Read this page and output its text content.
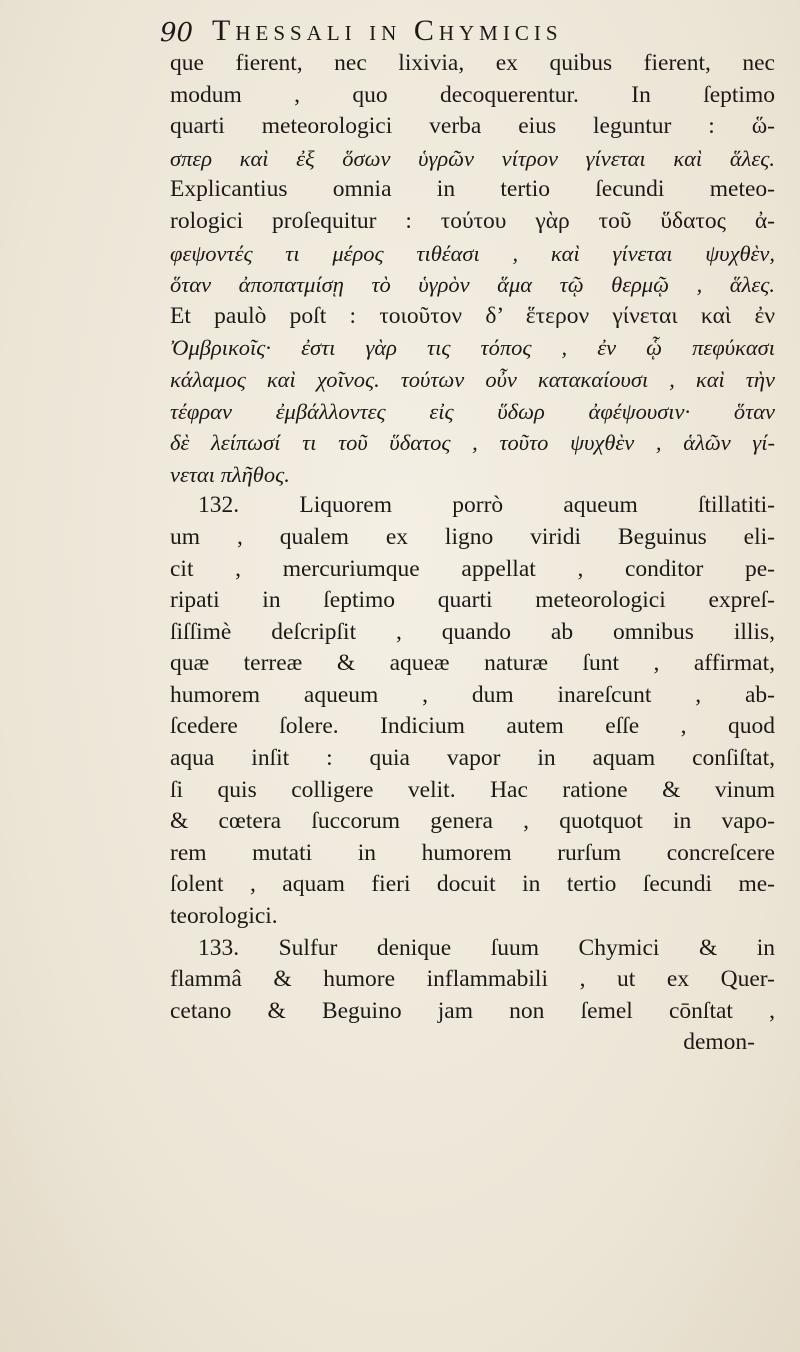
90 Thessali in Chymicis
que fierent, nec lixivia, ex quibus fierent, nec
modum , quo decoquerentur. In ſeptimo
quarti meteorologici verba eius leguntur : ὥ-
σπερ καὶ ἐξ ὅσων ὑγρῶν νίτρον γίνεται καὶ ἅλες.
Explicantius omnia in tertio ſecundi meteo-
rologici proſequitur : τούτου γὰρ τοῦ ὕδατος ἀ-
φεψοντές τι μέρος τιθέασι , καὶ γίνεται ψυχθὲν,
ὅταν ἀποπατμίσῃ τὸ ὑγρὸν ἅμα τῷ θερμῷ , ἅλες.
Et paulò poſt : τοιοῦτον δ’ ἕτερον γίνεται καὶ ἐν
Ὀμβρικοῖς· ἐστι γὰρ τις τόπος , ἐν ᾧ πεφύκασι
κάλαμος καὶ χοῖνος. τούτων οὖν κατακαίουσι , καὶ τὴν
τέφραν ἐμβάλλοντες εἰς ὕδωρ ἀφέψουσιν· ὅταν
δὲ λείπωσί τι τοῦ ὕδατος , τοῦτο ψυχθὲν , ἁλῶν γί-
νεται πλῆθος.
132. Liquorem porrò aqueum ſtillatiti-
um , qualem ex ligno viridi Beguinus eli-
cit , mercuriumque appellat , conditor pe-
ripati in ſeptimo quarti meteorologici expreſ-
ſiſſimè deſcripſit , quando ab omnibus illis,
quæ terreæ & aqueæ naturæ ſunt , affirmat,
humorem aqueum , dum inareſcunt , ab-
ſcedere ſolere. Indicium autem eſſe , quod
aqua inſit : quia vapor in aquam conſiſtat,
ſi quis colligere velit. Hac ratione & vinum
& cœtera ſuccorum genera , quotquot in vapo-
rem mutati in humorem rurſum concreſcere
ſolent , aquam fieri docuit in tertio ſecundi me-
teorologici.
133. Sulfur denique ſuum Chymici & in
flammâ & humore inflammabili , ut ex Quer-
cetano & Beguino jam non ſemel cōnſtat ,
demon-
